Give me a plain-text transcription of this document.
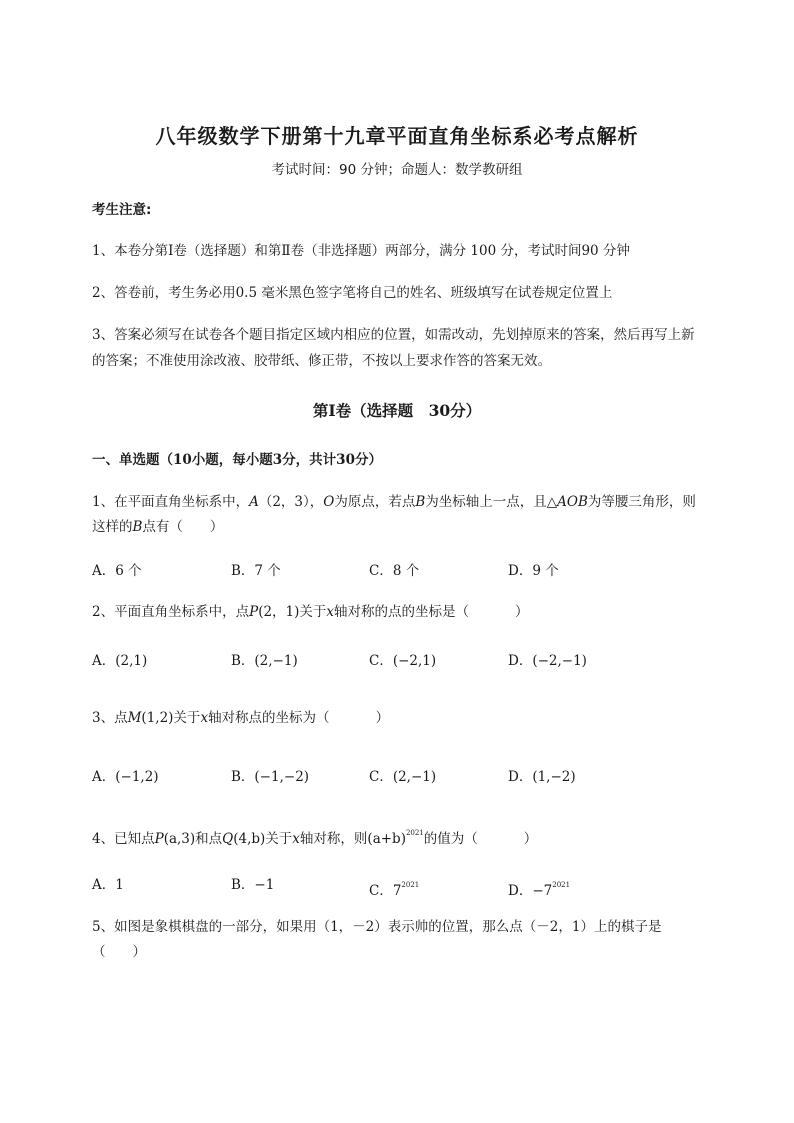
八年级数学下册第十九章平面直角坐标系必考点解析
考试时间：90 分钟；命题人：数学教研组
考生注意:
1、本卷分第Ⅰ卷（选择题）和第Ⅱ卷（非选择题）两部分，满分 100 分，考试时间90 分钟
2、答卷前，考生务必用0.5 毫米黑色签字笔将自己的姓名、班级填写在试卷规定位置上
3、答案必须写在试卷各个题目指定区域内相应的位置，如需改动，先划掉原来的答案，然后再写上新
的答案；不准使用涂改液、胶带纸、修正带，不按以上要求作答的答案无效。
第Ⅰ卷（选择题　30分）
一、单选题（10小题，每小题3分，共计30分）
1、在平面直角坐标系中，A（2，3），O为原点，若点B为坐标轴上一点，且△AOB为等腰三角形，则
这样的B点有（　　）
A．6 个	B．7 个	C．8 个	D．9 个
2、平面直角坐标系中，点P(2，1)关于x轴对称的点的坐标是（	）
A．(2,1)	B．(2,−1)	C．(−2,1)	D．(−2,−1)
3、点M(1,2)关于x轴对称点的坐标为（	）
A．(−1,2)	B．(−1,−2)	C．(2,−1)	D．(1,−2)
4、已知点P(a,3)和点Q(4,b)关于x轴对称，则$(a+b)^{2021}$的值为（	）
A．1	B．−1	C．$7^{2021}$	D．$-7^{2021}$
5、如图是象棋棋盘的一部分，如果用（1，－2）表示帅的位置，那么点（－2，1）上的棋子是
（　　）
